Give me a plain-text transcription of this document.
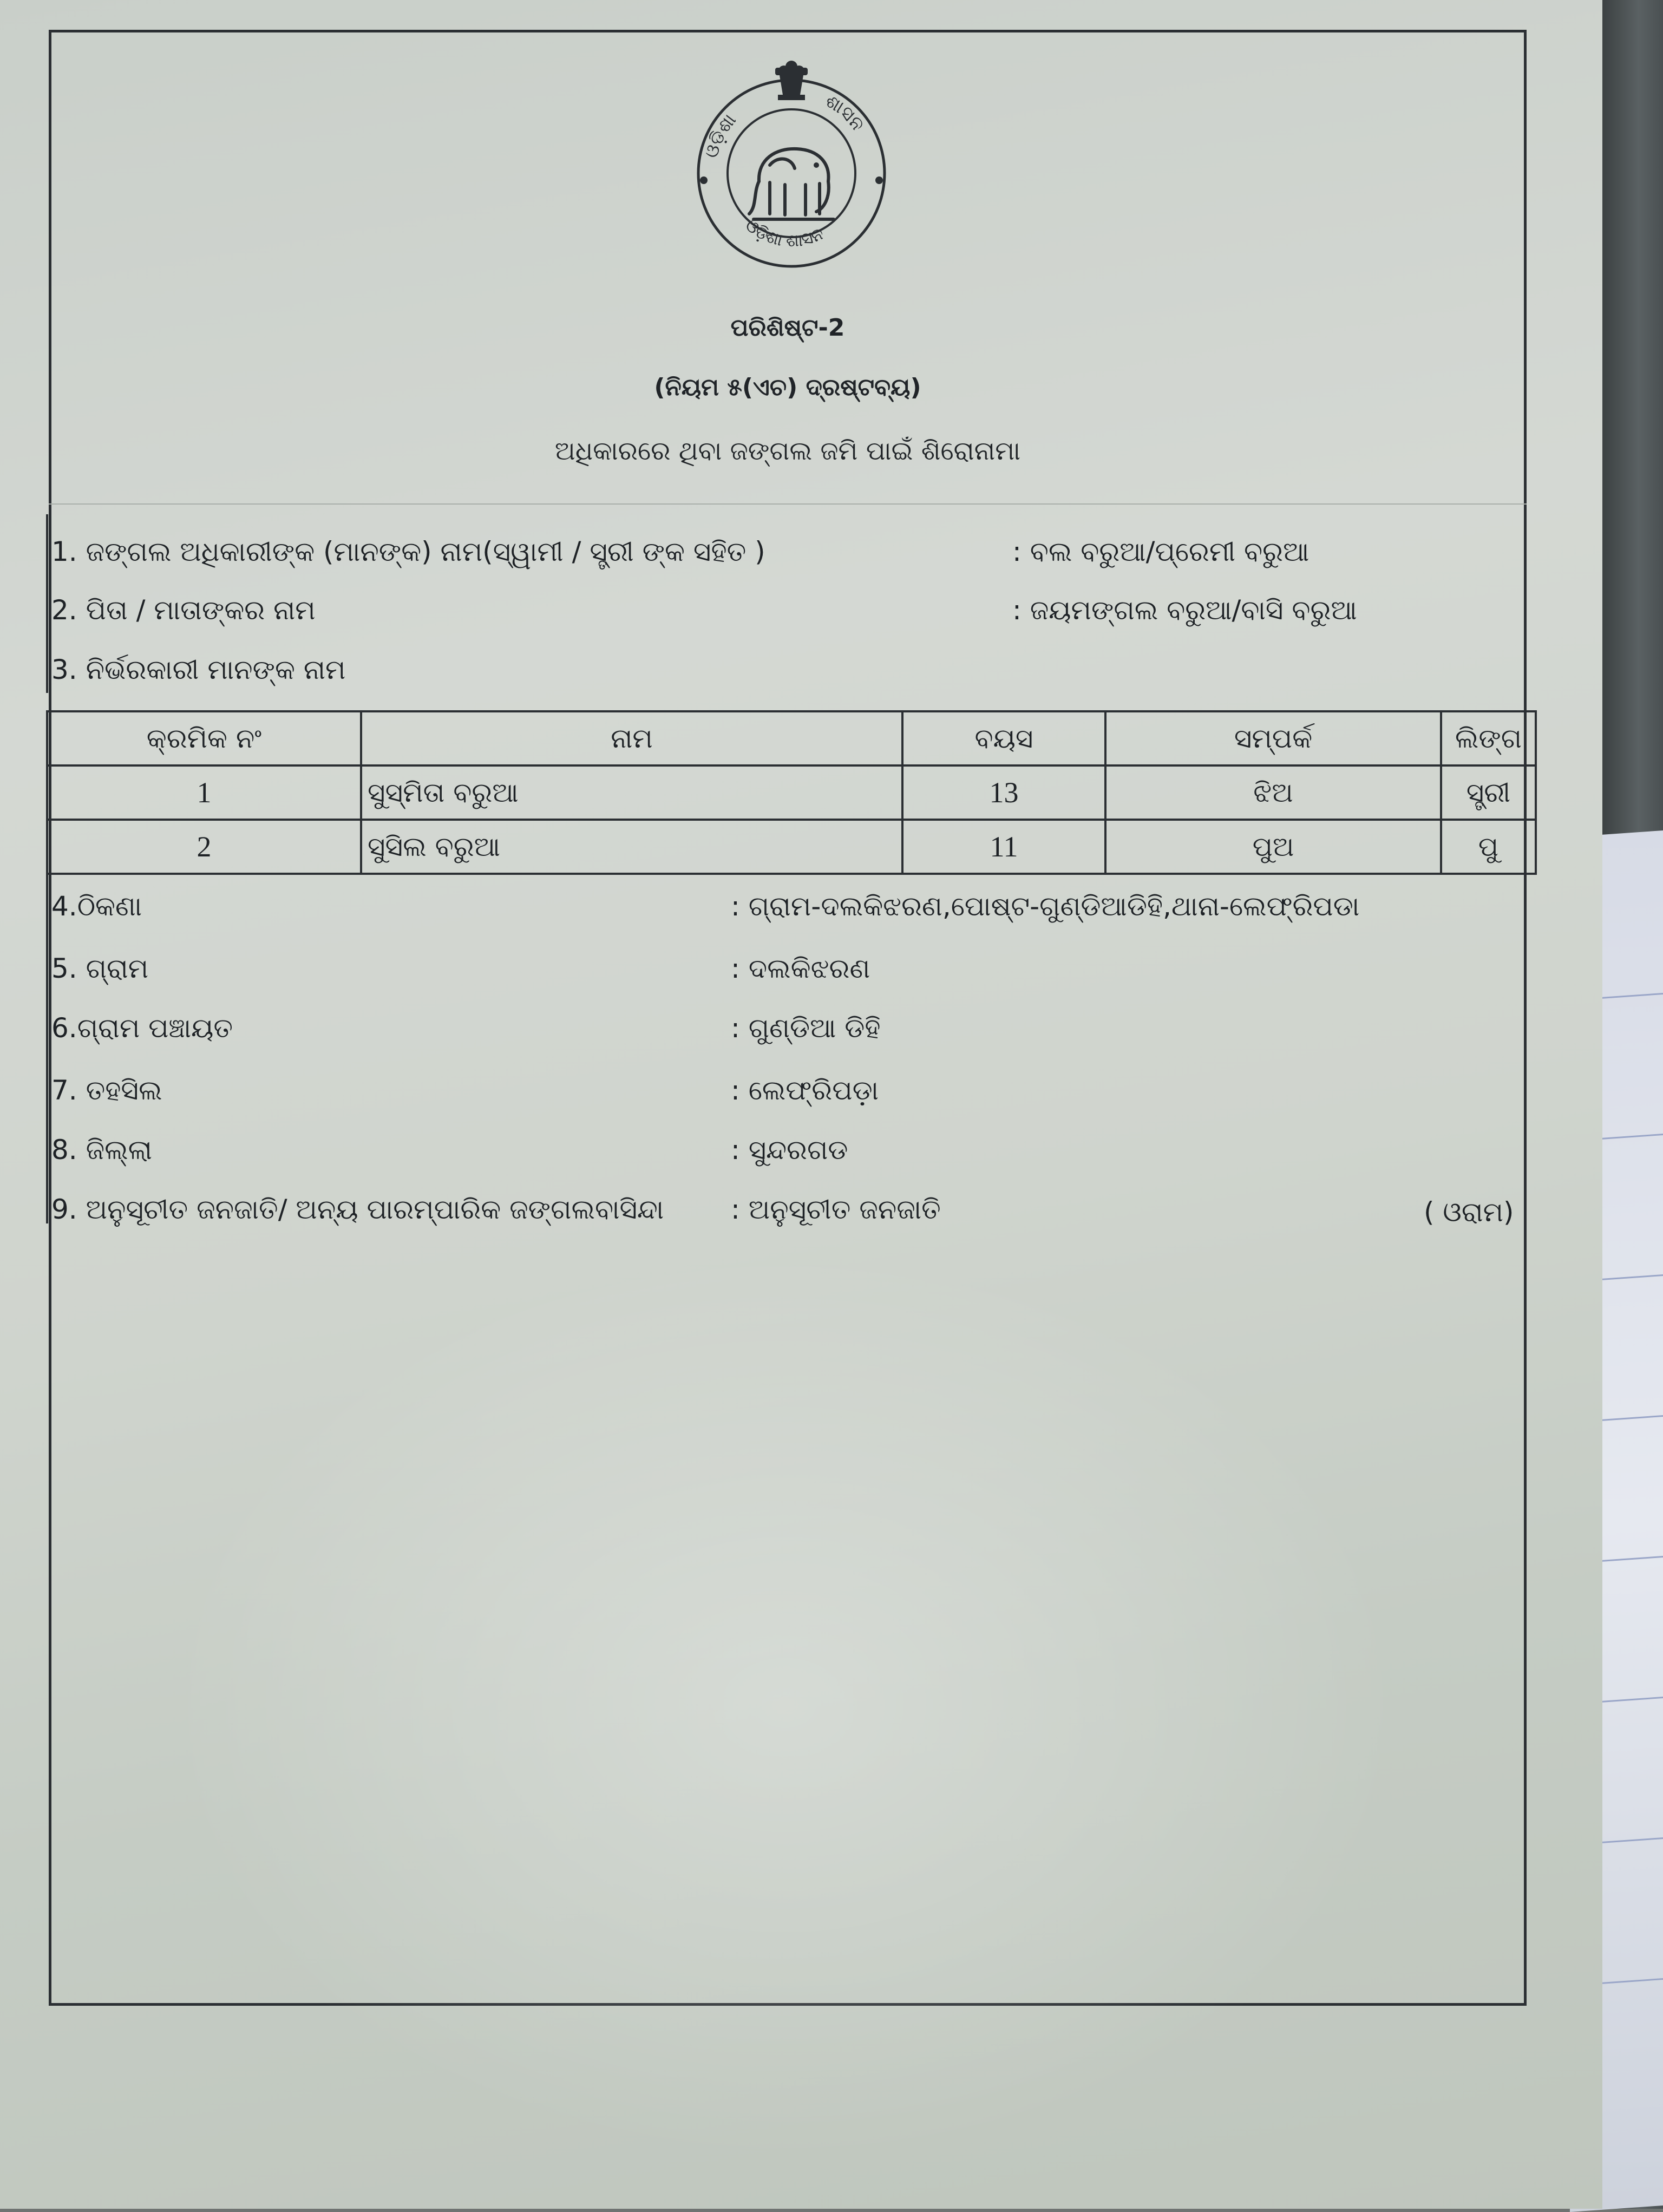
ଓଡ଼ିଶା
ଶାସନ
ଓଡ଼ିଶା ଶାସନ
ପରିଶିଷ୍ଟ-2
(ନିୟମ ୫(ଏଚ) ଦ୍ରଷ୍ଟବ୍ୟ)
ଅଧିକାରରେ ଥିବା ଜଙ୍ଗଲ ଜମି ପାଇଁ ଶିରୋନାମା
1. ଜଙ୍ଗଲ ଅଧିକାରୀଙ୍କ (ମାନଙ୍କ) ନାମ(ସ୍ୱାମୀ / ସ୍ତ୍ରୀ ଙ୍କ ସହିତ )	: ବଲ ବରୁଆ/ପ୍ରେମୀ ବରୁଆ
2. ପିତା / ମାତାଙ୍କର ନାମ	: ଜୟମଙ୍ଗଲ ବରୁଆ/ବାସି ବରୁଆ
3. ନିର୍ଭରକାରୀ ମାନଙ୍କ ନାମ
କ୍ରମିକ ନଂ	ନାମ	ବୟସ	ସମ୍ପର୍କ	ଲିଙ୍ଗ
1	ସୁସ୍ମିତା ବରୁଆ	13	ଝିଅ	ସ୍ତ୍ରୀ
2	ସୁସିଲ ବରୁଆ	11	ପୁଅ	ପୁ
4.ଠିକଣା	: ଗ୍ରାମ-ଦଲକିଝରଣ,ପୋଷ୍ଟ-ଗୁଣ୍ଡିଆଡିହି,ଥାନା-ଲେଫ୍ରିପଡା
5. ଗ୍ରାମ	: ଦଲକିଝରଣ
6.ଗ୍ରାମ ପଞ୍ଚାୟତ	: ଗୁଣ୍ଡିଆ ଡିହି
7. ତହସିଲ	: ଲେଫ୍ରିପଡ଼ା
8. ଜିଲ୍ଲା	: ସୁନ୍ଦରଗଡ
9. ଅନୁସୂଚୀତ ଜନଜାତି/ ଅନ୍ୟ ପାରମ୍ପାରିକ ଜଙ୍ଗଲବାସିନ୍ଦା : ଅନୁସୂଚୀତ ଜନଜାତି	( ଓରାମ)
